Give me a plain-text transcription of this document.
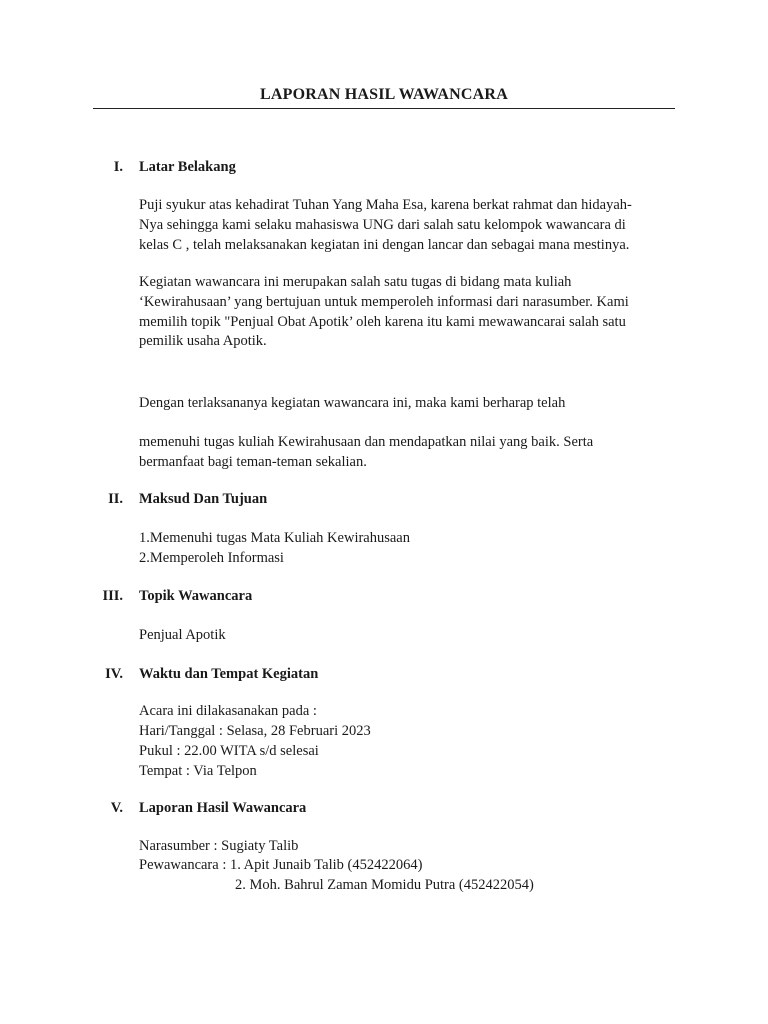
LAPORAN HASIL WAWANCARA
I. Latar Belakang
Puji syukur atas kehadirat Tuhan Yang Maha Esa, karena berkat rahmat dan hidayah-
Nya sehingga kami selaku mahasiswa UNG dari salah satu kelompok wawancara di
kelas C , telah melaksanakan kegiatan ini dengan lancar dan sebagai mana mestinya.
Kegiatan wawancara ini merupakan salah satu tugas di bidang mata kuliah
‘Kewirahusaan’ yang bertujuan untuk memperoleh informasi dari narasumber. Kami
memilih topik "Penjual Obat Apotik’ oleh karena itu kami mewawancarai salah satu
pemilik usaha Apotik.
Dengan terlaksananya kegiatan wawancara ini, maka kami berharap telah
memenuhi tugas kuliah Kewirahusaan dan mendapatkan nilai yang baik. Serta
bermanfaat bagi teman-teman sekalian.
II. Maksud Dan Tujuan
1.Memenuhi tugas Mata Kuliah Kewirahusaan
2.Memperoleh Informasi
III. Topik Wawancara
Penjual Apotik
IV. Waktu dan Tempat Kegiatan
Acara ini dilakasanakan pada :
Hari/Tanggal : Selasa, 28 Februari 2023
Pukul : 22.00 WITA s/d selesai
Tempat : Via Telpon
V. Laporan Hasil Wawancara
Narasumber : Sugiaty Talib
Pewawancara : 1. Apit Junaib Talib (452422064)
2. Moh. Bahrul Zaman Momidu Putra (452422054)
